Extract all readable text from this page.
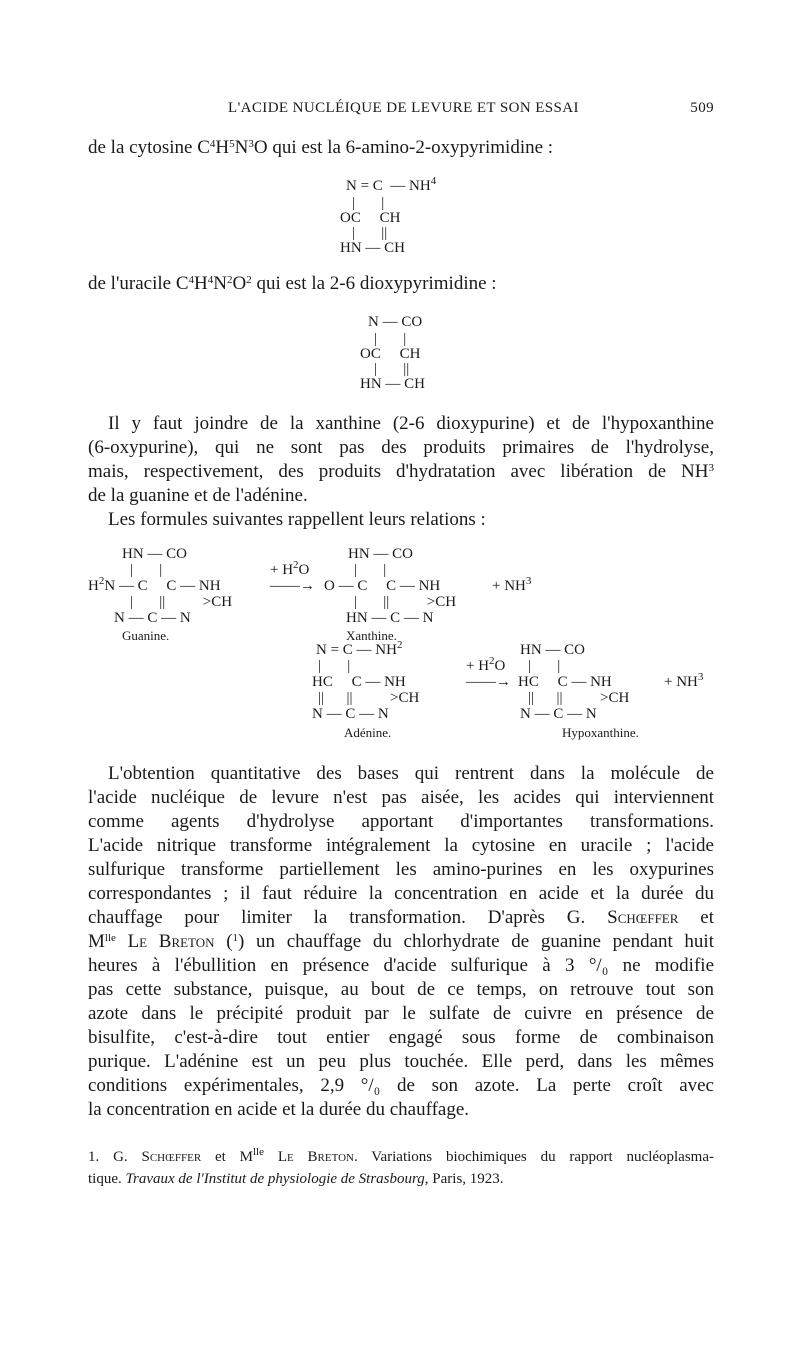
L'ACIDE NUCLÉIQUE DE LEVURE ET SON ESSAI	509
de la cytosine $C^4H^5N^3O$ qui est la 6-amino-2-oxypyrimidine :
N = C — $NH^4$
|       |
OC     CH
|       ||
HN — CH
de l'uracile $C^4H^4N^2O^2$ qui est la 2-6 dioxypyrimidine :
N — CO
|       |
OC     CH
|       ||
HN — CH
Il y faut joindre de la xanthine (2-6 dioxypurine) et de l'hypoxanthine
(6-oxypurine), qui ne sont pas des produits primaires de l'hydrolyse,
mais, respectivement, des produits d'hydratation avec libération de $NH^3$
de la guanine et de l'adénine.
Les formules suivantes rappellent leurs relations :
HN — CO
|       |
$H^2N$ — C     C — NH
|       ||          >CH
N — C — N
Guanine.
+ $H^2O$
——→
HN — CO
|       |
O — C     C — NH
|       ||          >CH
HN — C — N
Xanthine.
+ $NH^3$
N = C — $NH^2$
|       |
HC     C — NH
||      ||          >CH
N — C — N
Adénine.
+ $H^2O$
——→
HN — CO
|       |
HC     C — NH
||      ||          >CH
N — C — N
Hypoxanthine.
+ $NH^3$
L'obtention quantitative des bases qui rentrent dans la molécule de
l'acide nucléique de levure n'est pas aisée, les acides qui interviennent
comme agents d'hydrolyse apportant d'importantes transformations.
L'acide nitrique transforme intégralement la cytosine en uracile ; l'acide
sulfurique transforme partiellement les amino-purines en les oxypurines
correspondantes ; il faut réduire la concentration en acide et la durée du
chauffage pour limiter la transformation. D'après G. Schœffer et
$M^{lle}$ Le Breton ($^1$) un chauffage du chlorhydrate de guanine pendant huit
heures à l'ébullition en présence d'acide sulfurique à 3 °/₀ ne modifie
pas cette substance, puisque, au bout de ce temps, on retrouve tout son
azote dans le précipité produit par le sulfate de cuivre en présence de
bisulfite, c'est-à-dire tout entier engagé sous forme de combinaison
purique. L'adénine est un peu plus touchée. Elle perd, dans les mêmes
conditions expérimentales, 2,9 °/₀ de son azote. La perte croît avec
la concentration en acide et la durée du chauffage.
1. G. Schœffer et $M^{lle}$ Le Breton. Variations biochimiques du rapport nucléoplasma-
tique. Travaux de l'Institut de physiologie de Strasbourg, Paris, 1923.
